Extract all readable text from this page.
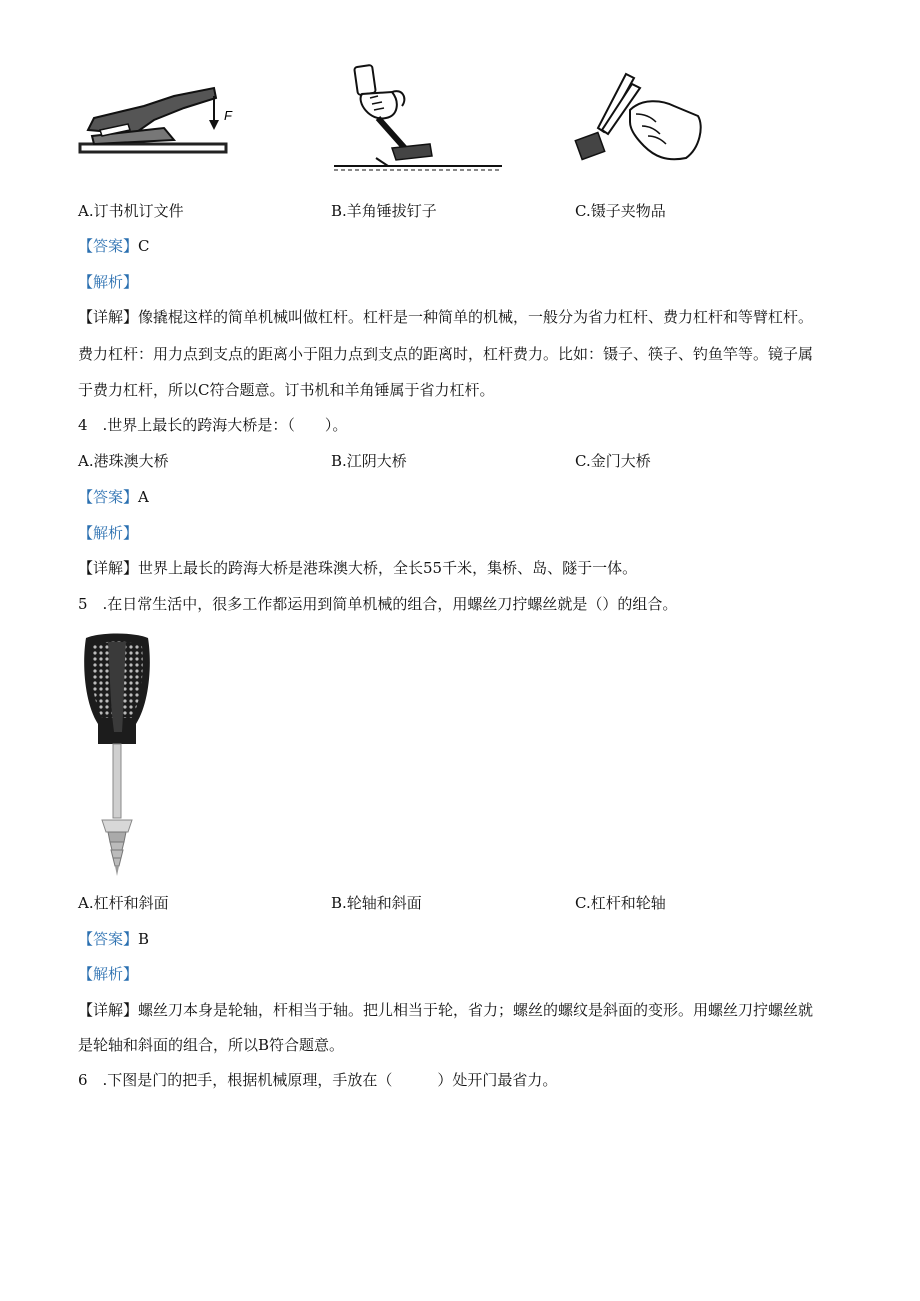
F
A.订书机订文件	B.羊角锤拔钉子	C.镊子夹物品
【答案】C
【解析】
【详解】像撬棍这样的简单机械叫做杠杆。杠杆是一种简单的机械，一般分为省力杠杆、费力杠杆和等臂杠杆。
费力杠杆：用力点到支点的距离小于阻力点到支点的距离时，杠杆费力。比如：镊子、筷子、钓鱼竿等。镜子属
于费力杠杆，所以C符合题意。订书机和羊角锤属于省力杠杆。
4　.世界上最长的跨海大桥是：（　　）。
A.港珠澳大桥	B.江阴大桥	C.金门大桥
【答案】A
【解析】
【详解】世界上最长的跨海大桥是港珠澳大桥，全长55千米，集桥、岛、隧于一体。
5　.在日常生活中，很多工作都运用到简单机械的组合，用螺丝刀拧螺丝就是（）的组合。
A.杠杆和斜面	B.轮轴和斜面	C.杠杆和轮轴
【答案】B
【解析】
【详解】螺丝刀本身是轮轴，杆相当于轴。把儿相当于轮，省力；螺丝的螺纹是斜面的变形。用螺丝刀拧螺丝就
是轮轴和斜面的组合，所以B符合题意。
6　.下图是门的把手，根据机械原理，手放在（　　　）处开门最省力。
